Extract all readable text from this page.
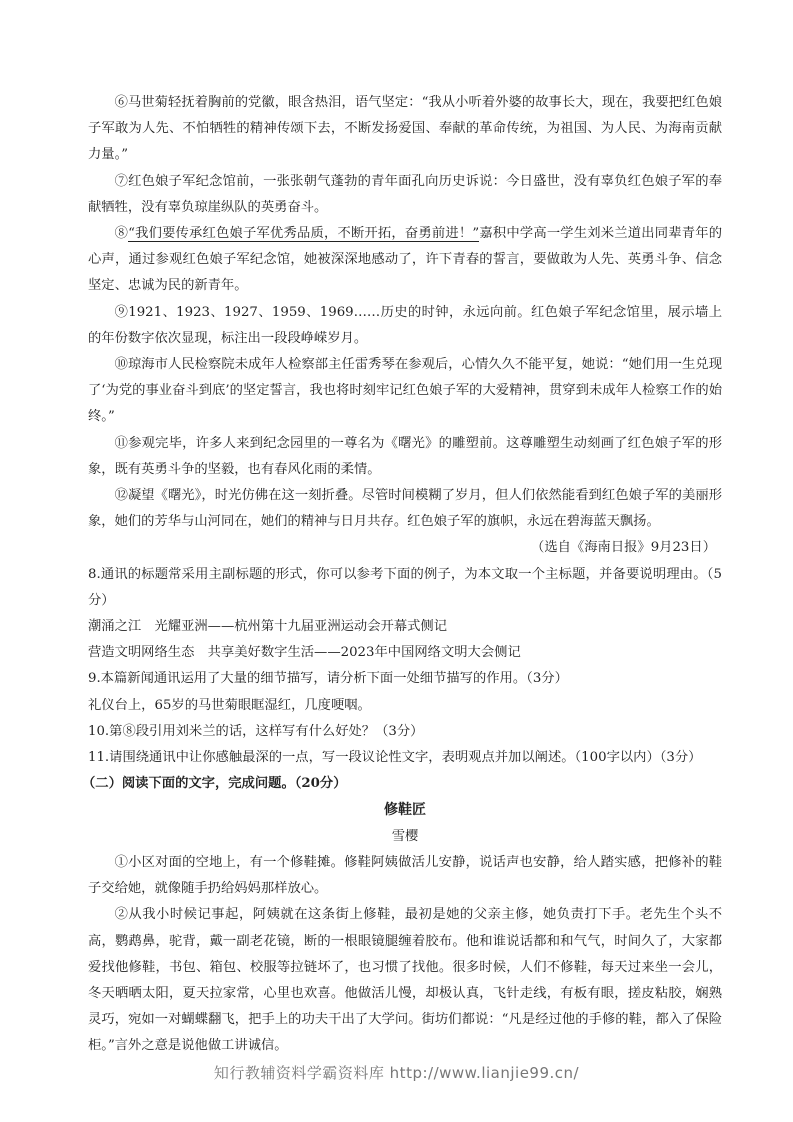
⑥马世菊轻抚着胸前的党徽，眼含热泪，语气坚定：“我从小听着外婆的故事长大，现在，我要把红色娘子军敢为人先、不怕牺牲的精神传颂下去，不断发扬爱国、奉献的革命传统，为祖国、为人民、为海南贡献力量。”

⑦红色娘子军纪念馆前，一张张朝气蓬勃的青年面孔向历史诉说：今日盛世，没有辜负红色娘子军的奉献牺牲，没有辜负琼崖纵队的英勇奋斗。

⑧“我们要传承红色娘子军优秀品质，不断开拓，奋勇前进！”嘉积中学高一学生刘米兰道出同辈青年的心声，通过参观红色娘子军纪念馆，她被深深地感动了，许下青春的誓言，要做敢为人先、英勇斗争、信念坚定、忠诚为民的新青年。

⑨1921、1923、1927、1959、1969……历史的时钟，永远向前。红色娘子军纪念馆里，展示墙上的年份数字依次显现，标注出一段段峥嵘岁月。

⑩琼海市人民检察院未成年人检察部主任雷秀琴在参观后，心情久久不能平复，她说：“她们用一生兑现了‘为党的事业奋斗到底’的坚定誓言，我也将时刻牢记红色娘子军的大爱精神，贯穿到未成年人检察工作的始终。”

⑪参观完毕，许多人来到纪念园里的一尊名为《曙光》的雕塑前。这尊雕塑生动刻画了红色娘子军的形象，既有英勇斗争的坚毅，也有春风化雨的柔情。

⑫凝望《曙光》，时光仿佛在这一刻折叠。尽管时间模糊了岁月，但人们依然能看到红色娘子军的美丽形象，她们的芳华与山河同在，她们的精神与日月共存。红色娘子军的旗帜，永远在碧海蓝天飘扬。

（选自《海南日报》9月23日）

8.通讯的标题常采用主副标题的形式，你可以参考下面的例子，为本文取一个主标题，并备要说明理由。（5分）

潮涌之江　光耀亚洲——杭州第十九届亚洲运动会开幕式侧记

营造文明网络生态　共享美好数字生活——2023年中国网络文明大会侧记

9.本篇新闻通讯运用了大量的细节描写，请分析下面一处细节描写的作用。（3分）

礼仪台上，65岁的马世菊眼眶湿红，几度哽咽。

10.第⑧段引用刘米兰的话，这样写有什么好处？（3分）

11.请围绕通讯中让你感触最深的一点，写一段议论性文字，表明观点并加以阐述。（100字以内）（3分）

（二）阅读下面的文字，完成问题。（20分）

修鞋匠

雪樱

①小区对面的空地上，有一个修鞋摊。修鞋阿姨做活儿安静，说话声也安静，给人踏实感，把修补的鞋子交给她，就像随手扔给妈妈那样放心。

②从我小时候记事起，阿姨就在这条街上修鞋，最初是她的父亲主修，她负责打下手。老先生个头不高，鹦鹉鼻，驼背，戴一副老花镜，断的一根眼镜腿缠着胶布。他和谁说话都和和气气，时间久了，大家都爱找他修鞋，书包、箱包、校服等拉链坏了，也习惯了找他。很多时候，人们不修鞋，每天过来坐一会儿，冬天晒晒太阳，夏天拉家常，心里也欢喜。他做活儿慢，却极认真，飞针走线，有板有眼，搓皮粘胶，娴熟灵巧，宛如一对蝴蝶翻飞，把手上的功夫干出了大学问。街坊们都说：“凡是经过他的手修的鞋，都入了保险柜。”言外之意是说他做工讲诚信。

知行教辅资料学霸资料库 http://www.lianjie99.cn/
